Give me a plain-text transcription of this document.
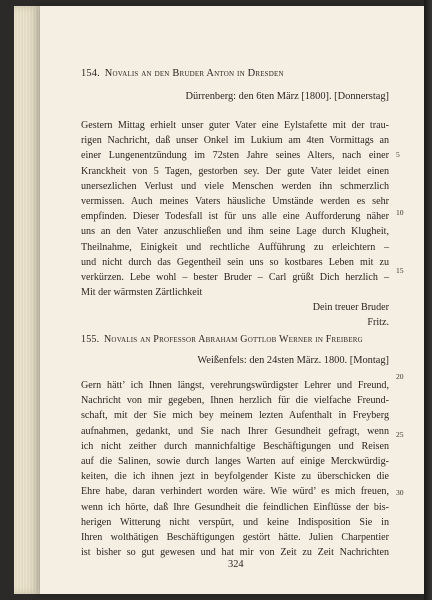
154. Novalis an den Bruder Anton in Dresden

Dürrenberg: den 6ten März [1800]. [Donnerstag]
Gestern Mittag erhielt unser guter Vater eine Eylstafette mit der trau-
rigen Nachricht, daß unser Onkel im Lukium am 4ten Vormittags an
einer Lungenentzündung im 72sten Jahre seines Alters, nach einer
Kranckheit von 5 Tagen, gestorben sey. Der gute Vater leidet einen
unersezlichen Verlust und viele Menschen werden ihn schmerzlich
vermissen. Auch meines Vaters häusliche Umstände werden es sehr
empfinden. Dieser Todesfall ist für uns alle eine Aufforderung näher
uns an den Vater anzuschließen und ihm seine Lage durch Klugheit,
Theilnahme, Einigkeit und rechtliche Aufführung zu erleichtern –
und nicht durch das Gegentheil sein uns so kostbares Leben mit zu
verkürzen. Lebe wohl – bester Bruder – Carl grüßt Dich herzlich –
Mit der wärmsten Zärtlichkeit
Dein treuer Bruder
Fritz.

155. Novalis an Professor Abraham Gottlob Werner in Freiberg

Weißenfels: den 24sten März. 1800. [Montag]
Gern hätt’ ich Ihnen längst, verehrungswürdigster Lehrer und Freund,
Nachricht von mir gegeben, Ihnen herzlich für die vielfache Freund-
schaft, mit der Sie mich bey meinem lezten Aufenthalt in Freyberg
aufnahmen, gedankt, und Sie nach Ihrer Gesundheit gefragt, wenn
ich nicht zeither durch mannichfaltige Beschäftigungen und Reisen
auf die Salinen, sowie durch langes Warten auf einige Merckwürdig-
keiten, die ich ihnen jezt in beyfolgender Kiste zu überschicken die
Ehre habe, daran verhindert worden wäre. Wie würd’ es mich freuen,
wenn ich hörte, daß Ihre Gesundheit die feindlichen Einflüsse der bis-
herigen Witterung nicht verspürt, und keine Indisposition Sie in
Ihren wolthätigen Beschäftigungen gestört hätte. Julien Charpentier
ist bisher so gut gewesen und hat mir von Zeit zu Zeit Nachrichten
5
10
15
20
25
30
324
